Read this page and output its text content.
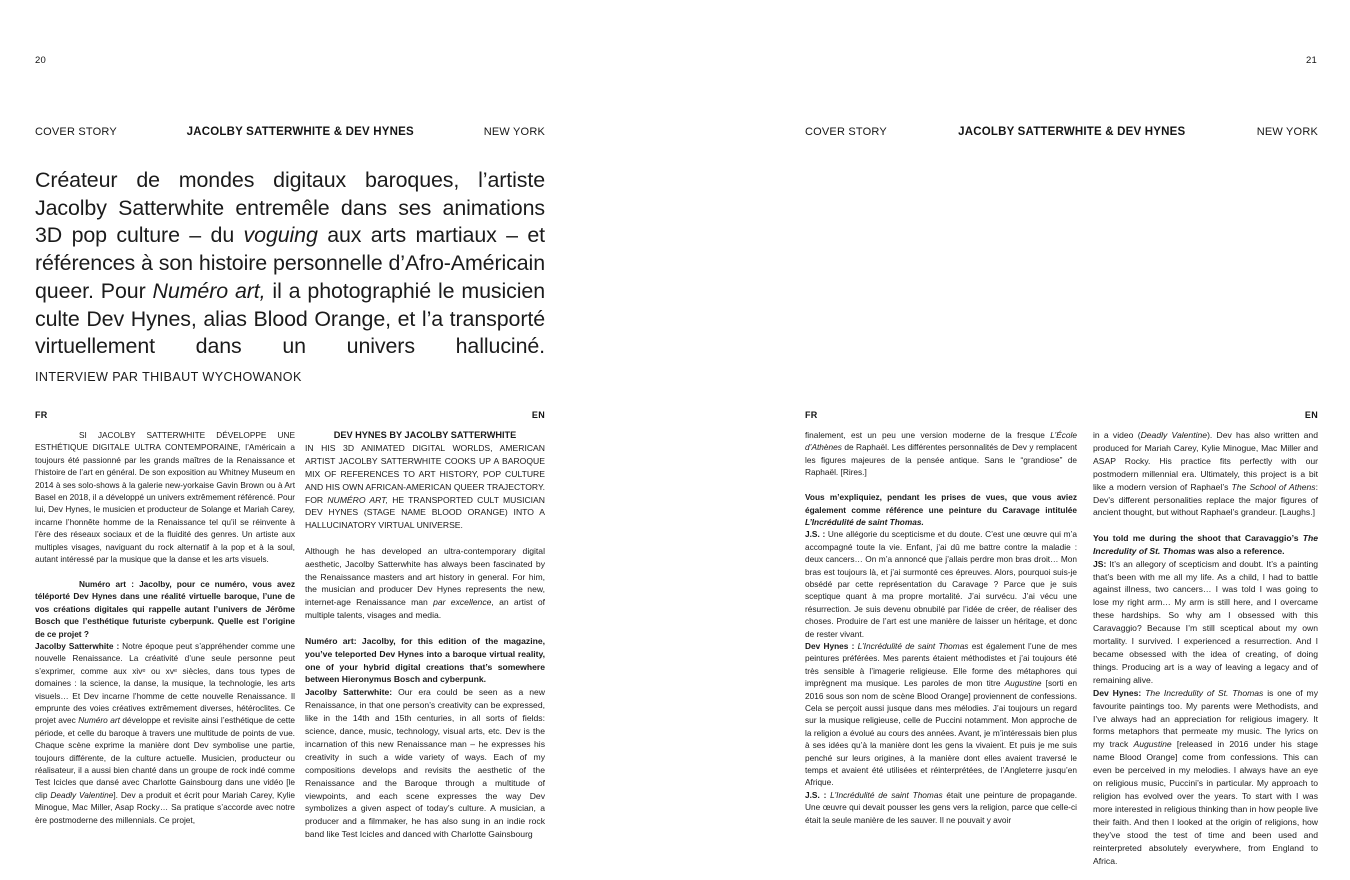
20
COVER STORY	JACOLBY SATTERWHITE & DEV HYNES	NEW YORK

Créateur de mondes digitaux baroques, l’artiste Jacolby Satterwhite entremêle dans ses animations 3D pop culture – du voguing aux arts martiaux – et références à son histoire personnelle d’Afro-Américain queer. Pour Numéro art, il a photographié le musicien culte Dev Hynes, alias Blood Orange, et l’a transporté virtuellement dans un univers halluciné. INTERVIEW PAR THIBAUT WYCHOWANOK

FR

SI JACOLBY SATTERWHITE DÉVELOPPE UNE ESTHÉTIQUE DIGITALE ULTRA CONTEMPORAINE, l’Américain a toujours été passionné par les grands maîtres de la Renaissance et l’histoire de l’art en général. De son exposition au Whitney Museum en 2014 à ses solo-shows à la galerie new-yorkaise Gavin Brown ou à Art Basel en 2018, il a développé un univers extrêmement référencé. Pour lui, Dev Hynes, le musicien et producteur de Solange et Mariah Carey, incarne l’honnête homme de la Renaissance tel qu’il se réinvente à l’ère des réseaux sociaux et de la fluidité des genres. Un artiste aux multiples visages, naviguant du rock alternatif à la pop et à la soul, autant intéressé par la musique que la danse et les arts visuels.

Numéro art : Jacolby, pour ce numéro, vous avez téléporté Dev Hynes dans une réalité virtuelle baroque, l’une de vos créations digitales qui rappelle autant l’univers de Jérôme Bosch que l’esthétique futuriste cyberpunk. Quelle est l’origine de ce projet ?

Jacolby Satterwhite : Notre époque peut s’appréhender comme une nouvelle Renaissance. La créativité d’une seule personne peut s’exprimer, comme aux xivᵉ ou xvᵉ siècles, dans tous types de domaines : la science, la danse, la musique, la technologie, les arts visuels… Et Dev incarne l’homme de cette nouvelle Renaissance. Il emprunte des voies créatives extrêmement diverses, hétéroclites. Ce projet avec Numéro art développe et revisite ainsi l’esthétique de cette période, et celle du baroque à travers une multitude de points de vue. Chaque scène exprime la manière dont Dev symbolise une partie, toujours différente, de la culture actuelle. Musicien, producteur ou réalisateur, il a aussi bien chanté dans un groupe de rock indé comme Test Icicles que dansé avec Charlotte Gainsbourg dans une vidéo [le clip Deadly Valentine]. Dev a produit et écrit pour Mariah Carey, Kylie Minogue, Mac Miller, Asap Rocky… Sa pratique s’accorde avec notre ère postmoderne des millennials. Ce projet,

EN

DEV HYNES BY JACOLBY SATTERWHITE

IN HIS 3D ANIMATED DIGITAL WORLDS, AMERICAN ARTIST JACOLBY SATTERWHITE COOKS UP A BAROQUE MIX OF REFERENCES TO ART HISTORY, POP CULTURE AND HIS OWN AFRICAN-AMERICAN QUEER TRAJECTORY. FOR NUMÉRO ART, HE TRANSPORTED CULT MUSICIAN DEV HYNES (STAGE NAME BLOOD ORANGE) INTO A HALLUCINATORY VIRTUAL UNIVERSE.

Although he has developed an ultra-contemporary digital aesthetic, Jacolby Satterwhite has always been fascinated by the Renaissance masters and art history in general. For him, the musician and producer Dev Hynes represents the new, internet-age Renaissance man par excellence, an artist of multiple talents, visages and media.

Numéro art: Jacolby, for this edition of the magazine, you’ve teleported Dev Hynes into a baroque virtual reality, one of your hybrid digital creations that’s somewhere between Hieronymus Bosch and cyberpunk.

Jacolby Satterwhite: Our era could be seen as a new Renaissance, in that one person’s creativity can be expressed, like in the 14th and 15th centuries, in all sorts of fields: science, dance, music, technology, visual arts, etc. Dev is the incarnation of this new Renaissance man – he expresses his creativity in such a wide variety of ways. Each of my compositions develops and revisits the aesthetic of the Renaissance and the Baroque through a multitude of viewpoints, and each scene expresses the way Dev symbolizes a given aspect of today’s culture. A musician, a producer and a filmmaker, he has also sung in an indie rock band like Test Icicles and danced with Charlotte Gainsbourg

21
COVER STORY	JACOLBY SATTERWHITE & DEV HYNES	NEW YORK
FR

finalement, est un peu une version moderne de la fresque L’École d’Athènes de Raphaël. Les différentes personnalités de Dev y remplacent les figures majeures de la pensée antique. Sans le “grandiose” de Raphaël. [Rires.]

Vous m’expliquiez, pendant les prises de vues, que vous aviez également comme référence une peinture du Caravage intitulée L’Incrédulité de saint Thomas.

J.S. : Une allégorie du scepticisme et du doute. C’est une œuvre qui m’a accompagné toute la vie. Enfant, j’ai dû me battre contre la maladie : deux cancers… On m’a annoncé que j’allais perdre mon bras droit… Mon bras est toujours là, et j’ai surmonté ces épreuves. Alors, pourquoi suis-je obsédé par cette représentation du Caravage ? Parce que je suis sceptique quant à ma propre mortalité. J’ai survécu. J’ai vécu une résurrection. Je suis devenu obnubilé par l’idée de créer, de réaliser des choses. Produire de l’art est une manière de laisser un héritage, et donc de rester vivant.

Dev Hynes : L’Incrédulité de saint Thomas est également l’une de mes peintures préférées. Mes parents étaient méthodistes et j’ai toujours été très sensible à l’imagerie religieuse. Elle forme des métaphores qui imprègnent ma musique. Les paroles de mon titre Augustine [sorti en 2016 sous son nom de scène Blood Orange] proviennent de confessions. Cela se perçoit aussi jusque dans mes mélodies. J’ai toujours un regard sur la musique religieuse, celle de Puccini notamment. Mon approche de la religion a évolué au cours des années. Avant, je m’intéressais bien plus à ses idées qu’à la manière dont les gens la vivaient. Et puis je me suis penché sur leurs origines, à la manière dont elles avaient traversé le temps et avaient été utilisées et réinterprétées, de l’Angleterre jusqu’en Afrique.

J.S. : L’Incrédulité de saint Thomas était une peinture de propagande. Une œuvre qui devait pousser les gens vers la religion, parce que celle-ci était la seule manière de les sauver. Il ne pouvait y avoir

EN

in a video (Deadly Valentine). Dev has also written and produced for Mariah Carey, Kylie Minogue, Mac Miller and ASAP Rocky. His practice fits perfectly with our postmodern millennial era. Ultimately, this project is a bit like a modern version of Raphael’s The School of Athens: Dev’s different personalities replace the major figures of ancient thought, but without Raphael’s grandeur. [Laughs.]

You told me during the shoot that Caravaggio’s The Incredulity of St. Thomas was also a reference.

JS: It’s an allegory of scepticism and doubt. It’s a painting that’s been with me all my life. As a child, I had to battle against illness, two cancers… I was told I was going to lose my right arm… My arm is still here, and I overcame these hardships. So why am I obsessed with this Caravaggio? Because I’m still sceptical about my own mortality. I survived. I experienced a resurrection. And I became obsessed with the idea of creating, of doing things. Producing art is a way of leaving a legacy and of remaining alive.

Dev Hynes: The Incredulity of St. Thomas is one of my favourite paintings too. My parents were Methodists, and I’ve always had an appreciation for religious imagery. It forms metaphors that permeate my music. The lyrics on my track Augustine [released in 2016 under his stage name Blood Orange] come from confessions. This can even be perceived in my melodies. I always have an eye on religious music, Puccini’s in particular. My approach to religion has evolved over the years. To start with I was more interested in religious thinking than in how people live their faith. And then I looked at the origin of religions, how they’ve stood the test of time and been used and reinterpreted absolutely everywhere, from England to Africa.
